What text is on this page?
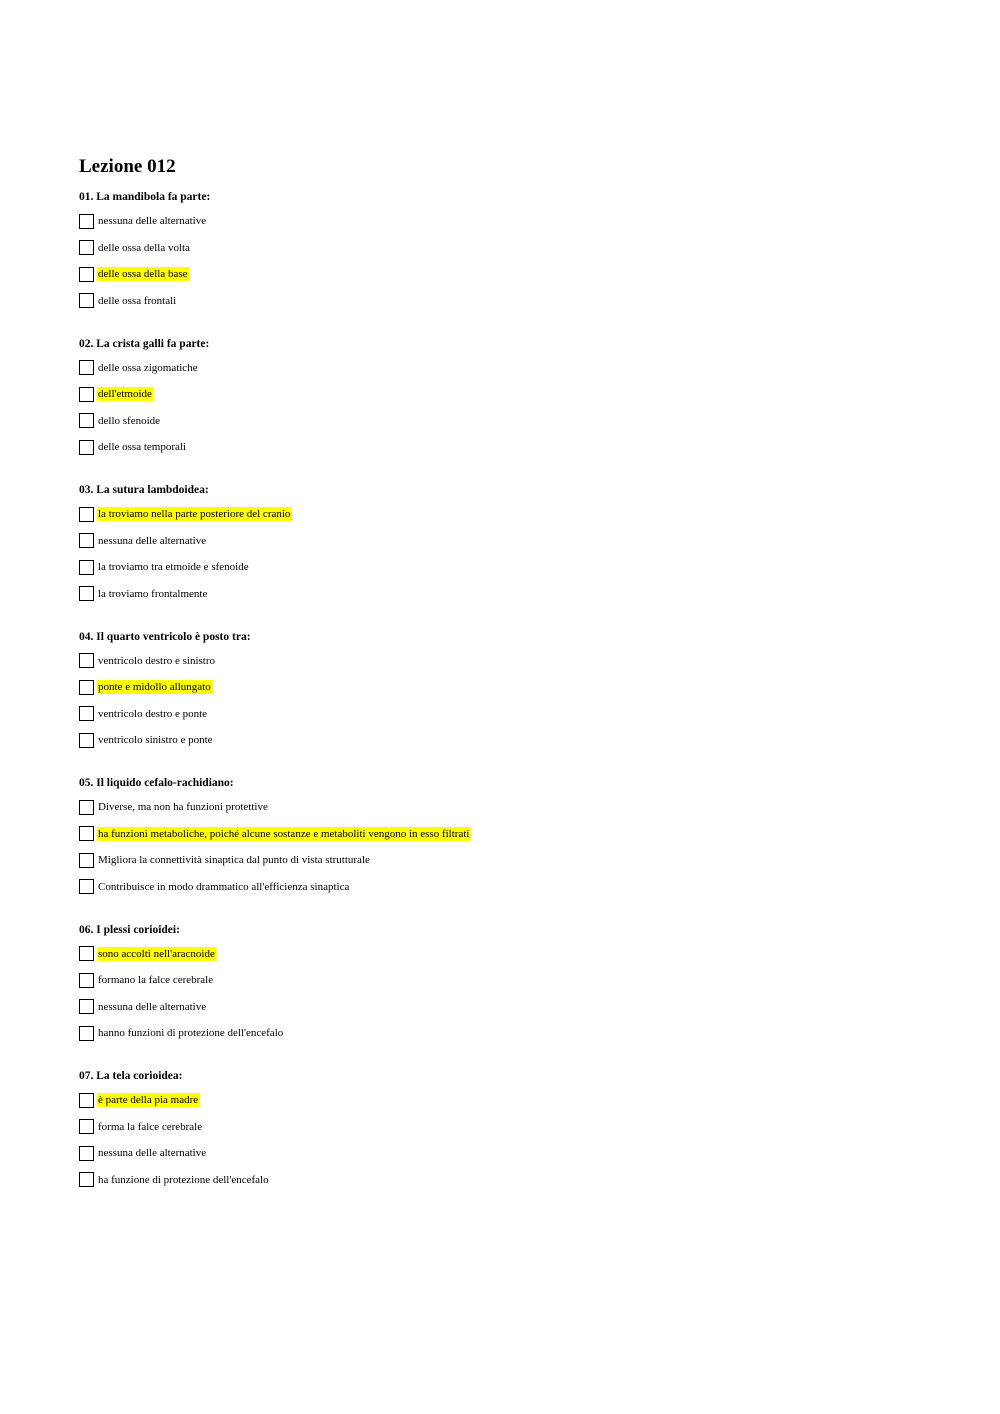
Lezione 012
01. La mandibola fa parte:
nessuna delle alternative
delle ossa della volta
delle ossa della base
delle ossa frontali
02. La crista galli fa parte:
delle ossa zigomatiche
dell'etmoide
dello sfenoide
delle ossa temporali
03. La sutura lambdoidea:
la troviamo nella parte posteriore del cranio
nessuna delle alternative
la troviamo tra etmoide e sfenoide
la troviamo frontalmente
04. Il quarto ventricolo è posto tra:
ventricolo destro e sinistro
ponte e midollo allungato
ventricolo destro e ponte
ventricolo sinistro e ponte
05. Il liquido cefalo-rachidiano:
Diverse, ma non ha funzioni protettive
ha funzioni metaboliche, poiché alcune sostanze e metaboliti vengono in esso filtrati
Migliora la connettività sinaptica dal punto di vista strutturale
Contribuisce in modo drammatico all'efficienza sinaptica
06. I plessi corioidei:
sono accolti nell'aracnoide
formano la falce cerebrale
nessuna delle alternative
hanno funzioni di protezione dell'encefalo
07. La tela corioidea:
è parte della pia madre
forma la falce cerebrale
nessuna delle alternative
ha funzione di protezione dell'encefalo
